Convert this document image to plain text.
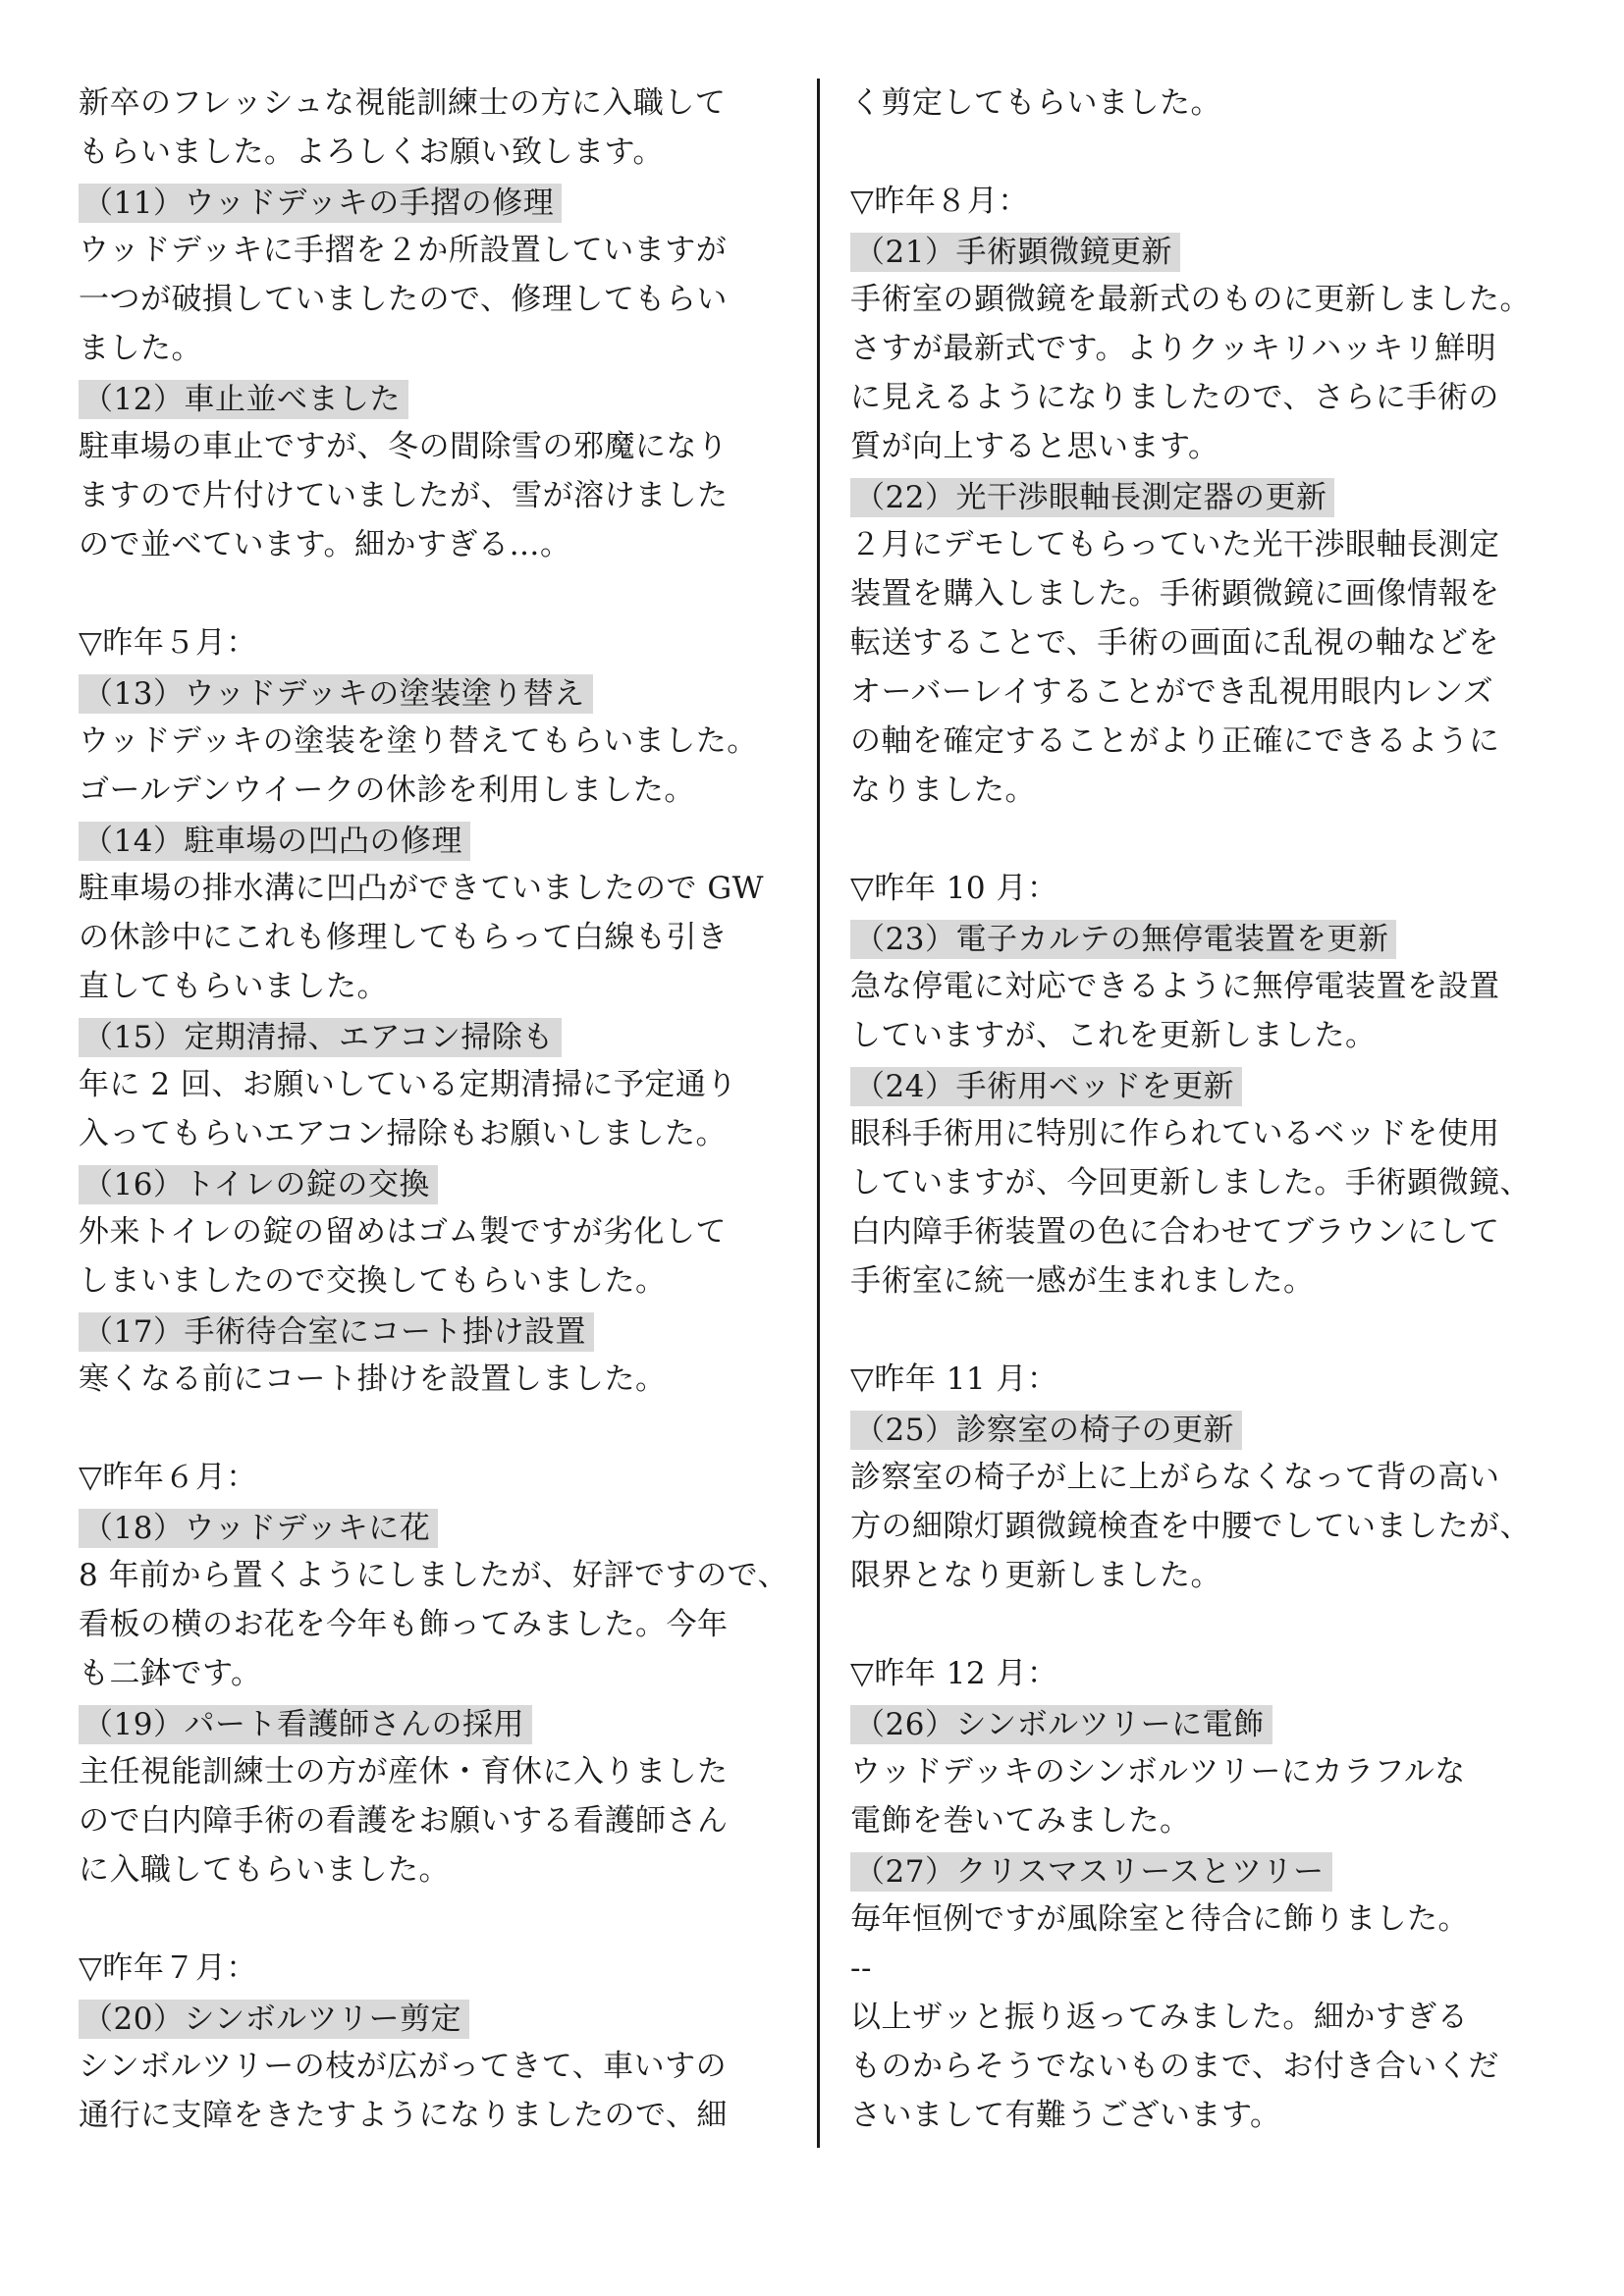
新卒のフレッシュな視能訓練士の方に入職して
もらいました。よろしくお願い致します。
（11）ウッドデッキの手摺の修理
ウッドデッキに手摺を２か所設置していますが
一つが破損していましたので、修理してもらい
ました。
（12）車止並べました
駐車場の車止ですが、冬の間除雪の邪魔になり
ますので片付けていましたが、雪が溶けました
ので並べています。細かすぎる…。
▽昨年５月：
（13）ウッドデッキの塗装塗り替え
ウッドデッキの塗装を塗り替えてもらいました。
ゴールデンウイークの休診を利用しました。
（14）駐車場の凹凸の修理
駐車場の排水溝に凹凸ができていましたので GW
の休診中にこれも修理してもらって白線も引き
直してもらいました。
（15）定期清掃、エアコン掃除も
年に 2 回、お願いしている定期清掃に予定通り
入ってもらいエアコン掃除もお願いしました。
（16）トイレの錠の交換
外来トイレの錠の留めはゴム製ですが劣化して
しまいましたので交換してもらいました。
（17）手術待合室にコート掛け設置
寒くなる前にコート掛けを設置しました。
▽昨年６月：
（18）ウッドデッキに花
8 年前から置くようにしましたが、好評ですので、
看板の横のお花を今年も飾ってみました。今年
も二鉢です。
（19）パート看護師さんの採用
主任視能訓練士の方が産休・育休に入りました
ので白内障手術の看護をお願いする看護師さん
に入職してもらいました。
▽昨年７月：
（20）シンボルツリー剪定
シンボルツリーの枝が広がってきて、車いすの
通行に支障をきたすようになりましたので、細
く剪定してもらいました。
▽昨年８月：
（21）手術顕微鏡更新
手術室の顕微鏡を最新式のものに更新しました。
さすが最新式です。よりクッキリハッキリ鮮明
に見えるようになりましたので、さらに手術の
質が向上すると思います。
（22）光干渉眼軸長測定器の更新
２月にデモしてもらっていた光干渉眼軸長測定
装置を購入しました。手術顕微鏡に画像情報を
転送することで、手術の画面に乱視の軸などを
オーバーレイすることができ乱視用眼内レンズ
の軸を確定することがより正確にできるように
なりました。
▽昨年 10 月：
（23）電子カルテの無停電装置を更新
急な停電に対応できるように無停電装置を設置
していますが、これを更新しました。
（24）手術用ベッドを更新
眼科手術用に特別に作られているベッドを使用
していますが、今回更新しました。手術顕微鏡、
白内障手術装置の色に合わせてブラウンにして
手術室に統一感が生まれました。
▽昨年 11 月：
（25）診察室の椅子の更新
診察室の椅子が上に上がらなくなって背の高い
方の細隙灯顕微鏡検査を中腰でしていましたが、
限界となり更新しました。
▽昨年 12 月：
（26）シンボルツリーに電飾
ウッドデッキのシンボルツリーにカラフルな
電飾を巻いてみました。
（27）クリスマスリースとツリー
毎年恒例ですが風除室と待合に飾りました。
--
以上ザッと振り返ってみました。細かすぎる
ものからそうでないものまで、お付き合いくだ
さいまして有難うございます。
